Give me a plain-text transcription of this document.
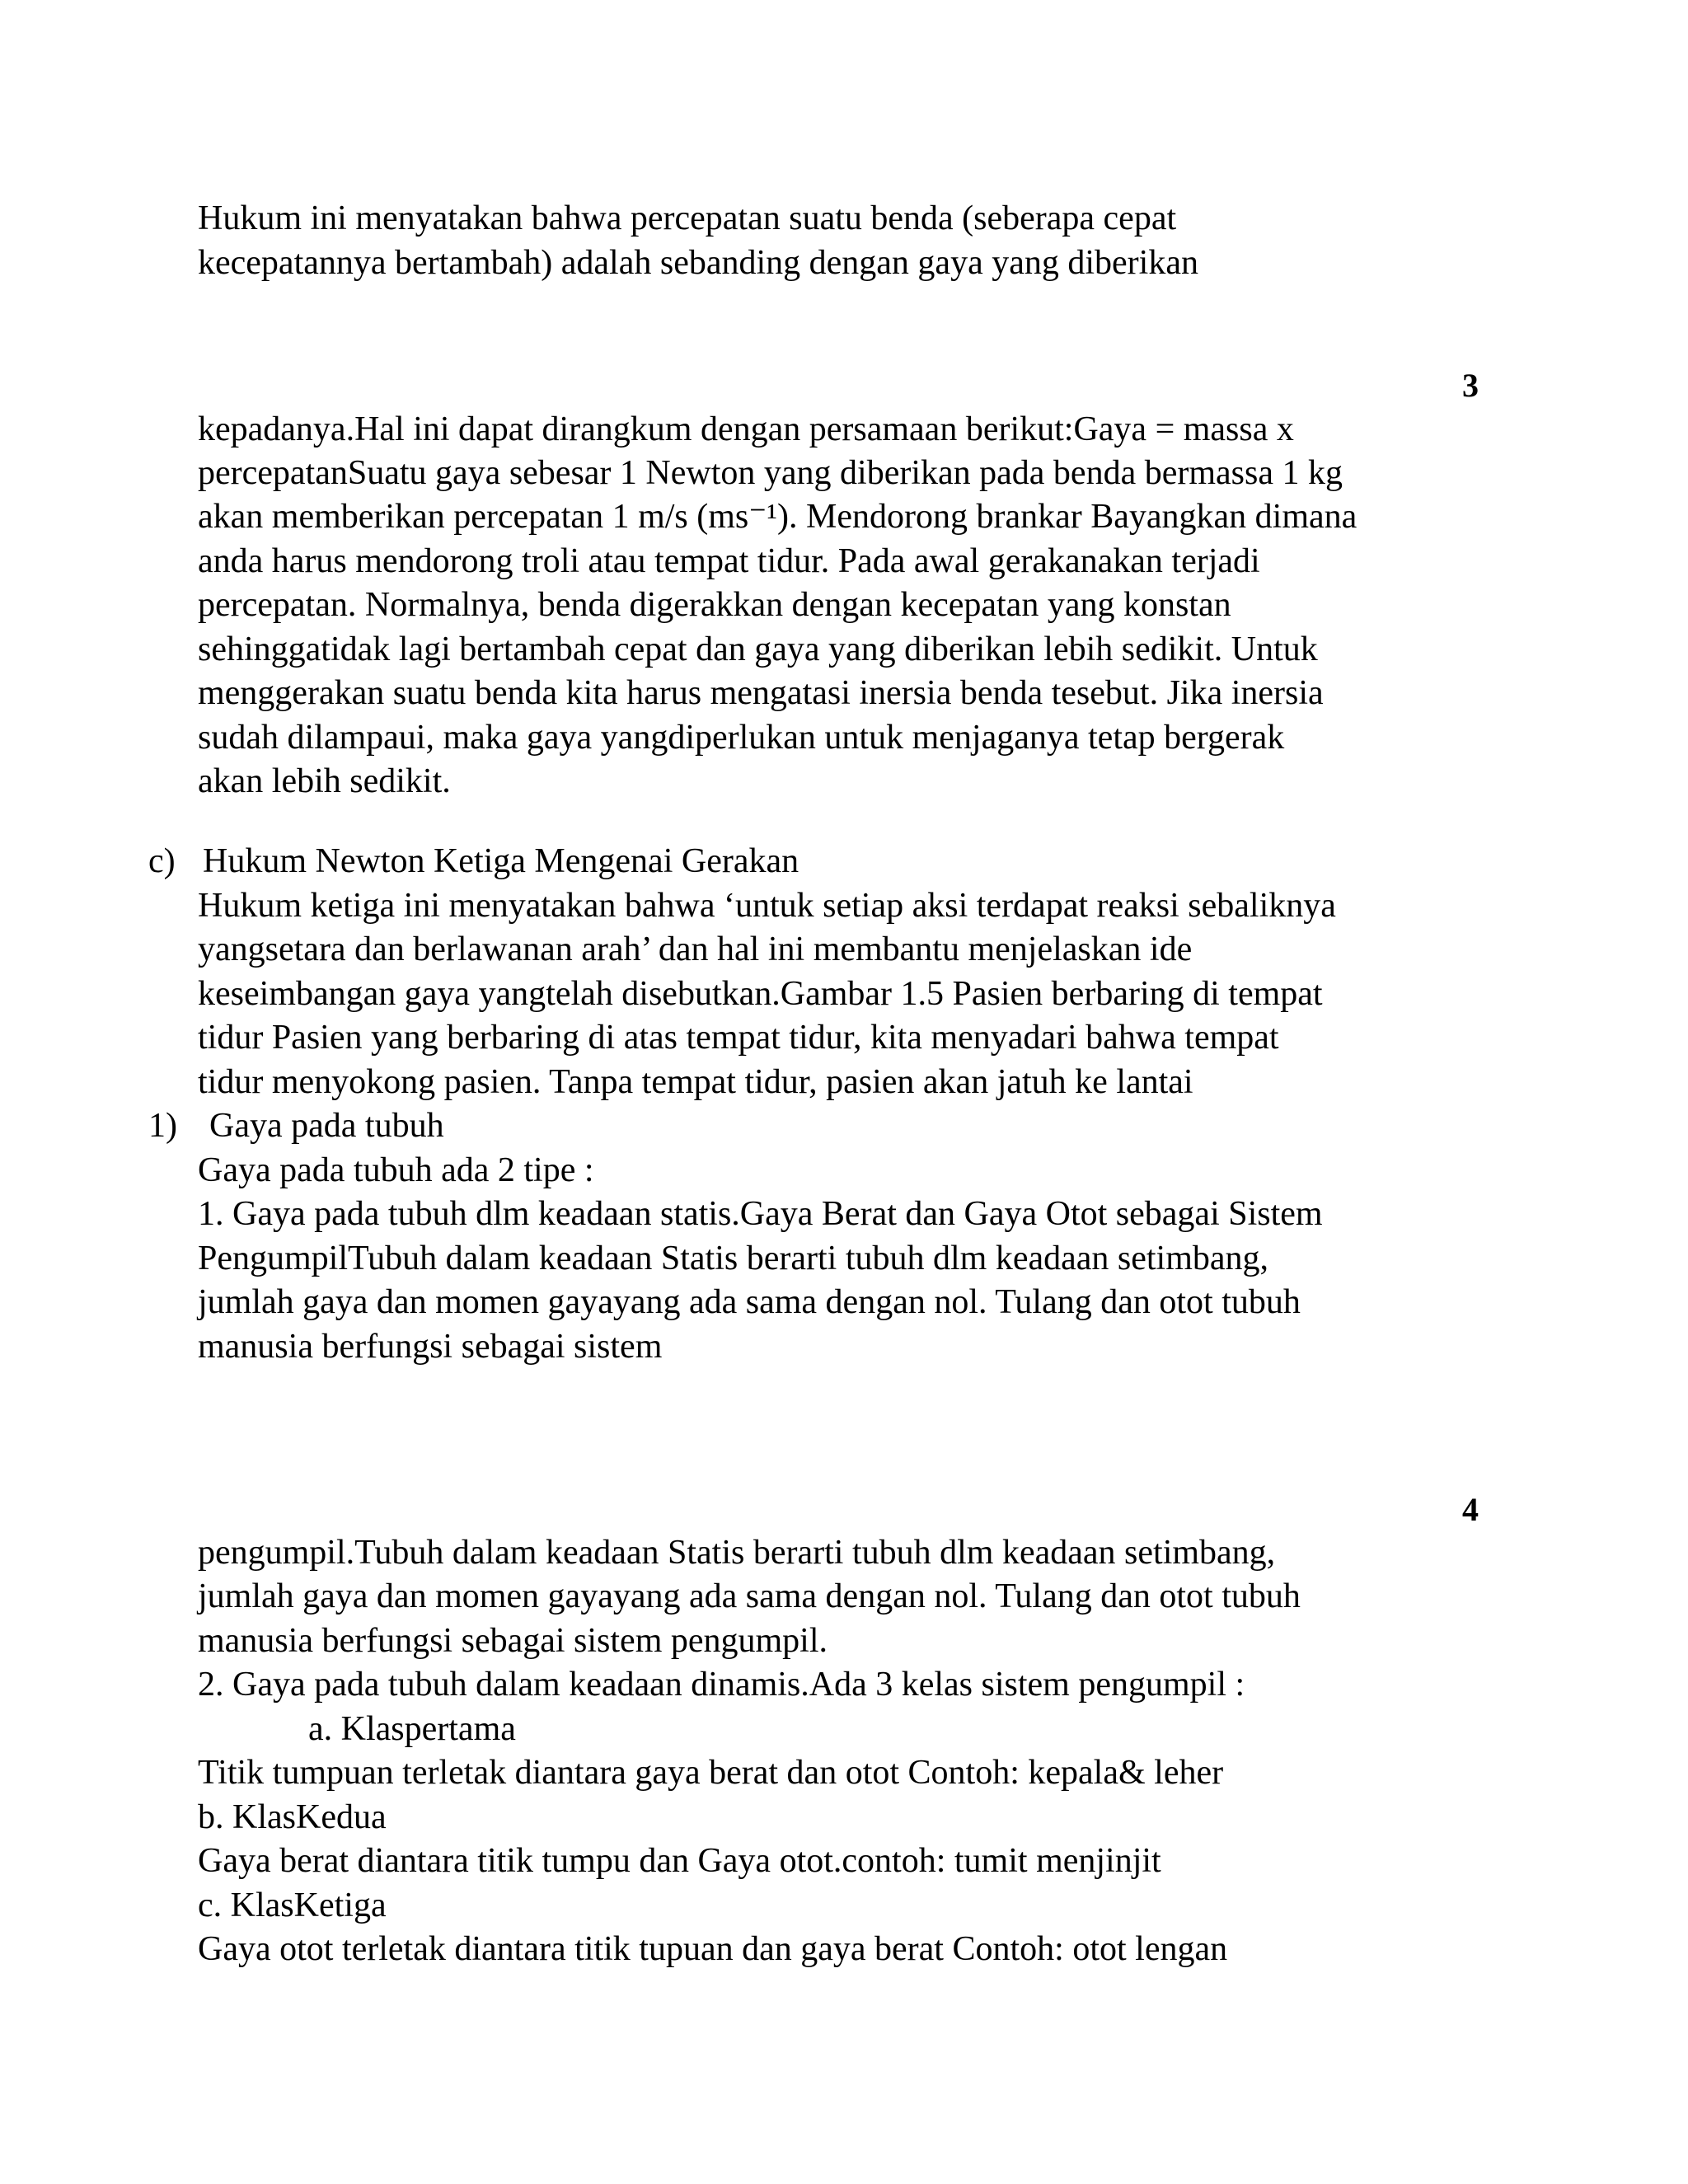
Hukum ini menyatakan bahwa percepatan suatu benda (seberapa cepat
kecepatannya bertambah) adalah sebanding dengan gaya yang diberikan
3
kepadanya.Hal ini dapat dirangkum dengan persamaan berikut:Gaya = massa x
percepatanSuatu gaya sebesar 1 Newton yang diberikan pada benda bermassa 1 kg
akan memberikan percepatan 1 m/s (ms⁻¹). Mendorong brankar Bayangkan dimana
anda harus mendorong troli atau tempat tidur. Pada awal gerakanakan terjadi
percepatan. Normalnya, benda digerakkan dengan kecepatan yang konstan
sehinggatidak lagi bertambah cepat dan gaya yang diberikan lebih sedikit. Untuk
menggerakan suatu benda kita harus mengatasi inersia benda tesebut. Jika inersia
sudah dilampaui, maka gaya yangdiperlukan untuk menjaganya tetap bergerak
akan lebih sedikit.
c) Hukum Newton Ketiga Mengenai Gerakan
Hukum ketiga ini menyatakan bahwa ‘untuk setiap aksi terdapat reaksi sebaliknya
yangsetara dan berlawanan arah’ dan hal ini membantu menjelaskan ide
keseimbangan gaya yangtelah disebutkan.Gambar 1.5 Pasien berbaring di tempat
tidur Pasien yang berbaring di atas tempat tidur, kita menyadari bahwa tempat
tidur menyokong pasien. Tanpa tempat tidur, pasien akan jatuh ke lantai
1) Gaya pada tubuh
Gaya pada tubuh ada 2 tipe :
1. Gaya pada tubuh dlm keadaan statis.Gaya Berat dan Gaya Otot sebagai Sistem
PengumpilTubuh dalam keadaan Statis berarti tubuh dlm keadaan setimbang,
jumlah gaya dan momen gayayang ada sama dengan nol. Tulang dan otot tubuh
manusia berfungsi sebagai sistem
4
pengumpil.Tubuh dalam keadaan Statis berarti tubuh dlm keadaan setimbang,
jumlah gaya dan momen gayayang ada sama dengan nol. Tulang dan otot tubuh
manusia berfungsi sebagai sistem pengumpil.
2. Gaya pada tubuh dalam keadaan dinamis.Ada 3 kelas sistem pengumpil :
a. Klaspertama
Titik tumpuan terletak diantara gaya berat dan otot Contoh: kepala& leher
b. KlasKedua
Gaya berat diantara titik tumpu dan Gaya otot.contoh: tumit menjinjit
c. KlasKetiga
Gaya otot terletak diantara titik tupuan dan gaya berat Contoh: otot lengan
